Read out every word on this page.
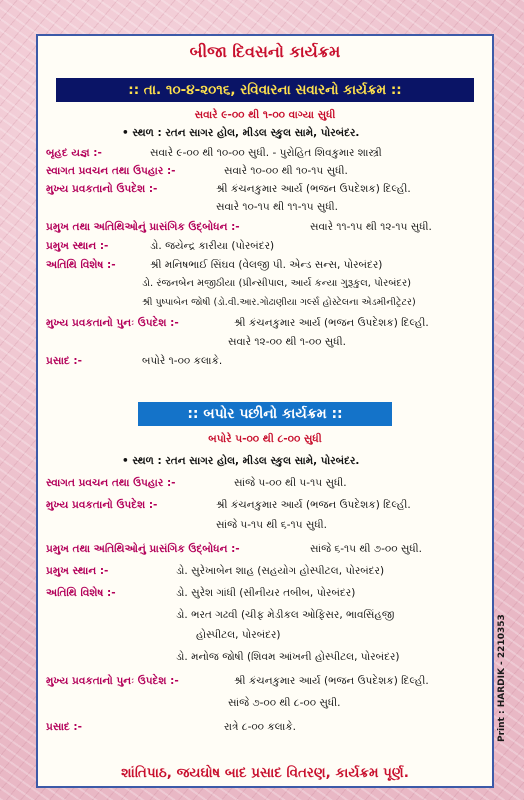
બીજા દિવસનો કાર્યક્રમ
:: તા. ૧૦-૪-૨૦૧૬, રવિવારના સવારનો કાર્યક્રમ ::
સવારે ૯-૦૦ થી ૧-૦૦ વાગ્યા સુધી
• સ્થળ : રતન સાગર હોલ, મીડલ સ્કુલ સામે, પોરબંદર.
બૃહદ યજ્ઞ :-	સવારે ૯-૦૦ થી ૧૦-૦૦ સુધી. - પુરોહિત શિવકુમાર શાસ્ત્રી
સ્વાગત પ્રવચન તથા ઉપહાર :-	સવારે ૧૦-૦૦ થી ૧૦-૧૫ સુધી.
મુખ્ય પ્રવકતાનો ઉપદેશ :-	શ્રી કંચનકુમાર આર્ય (ભજન ઉપદેશક) દિલ્હી.
સવારે ૧૦-૧૫ થી ૧૧-૧૫ સુધી.
પ્રમુખ તથા અતિથિઓનું પ્રાસંગિક ઉદ્બોધન :-	સવારે ૧૧-૧૫ થી ૧૨-૧૫ સુધી.
પ્રમુખ સ્થાન :-	ડો. જયેન્દ્ર કારીયા (પોરબંદર)
અતિથિ વિશેષ :-	શ્રી મનિષભાઈ સિંઘવ (વેલજી પી. એન્ડ સન્સ, પોરબંદર)
ડો. રંજનબેન મજીઠીયા (પ્રીન્સીપાલ, આર્ય કન્યા ગુરૂકુલ, પોરબંદર)
શ્રી પુષ્પાબેન જોષી (ડો.વી.આર.ગોઢાણીયા ગર્લ્સ હોસ્ટેલના એડમીનીટ્રેટર)
મુખ્ય પ્રવકતાનો પુનઃ ઉપદેશ :-	શ્રી કંચનકુમાર આર્ય (ભજન ઉપદેશક) દિલ્હી.
સવારે ૧૨-૦૦ થી ૧-૦૦ સુધી.
પ્રસાદ :-	બપોરે ૧-૦૦ કલાકે.
:: બપોર પછીનો કાર્યક્રમ ::
બપોરે ૫-૦૦ થી ૮-૦૦ સુધી
• સ્થળ : રતન સાગર હોલ, મીડલ સ્કુલ સામે, પોરબંદર.
સ્વાગત પ્રવચન તથા ઉપહાર :-	સાંજે ૫-૦૦ થી ૫-૧૫ સુધી.
મુખ્ય પ્રવકતાનો ઉપદેશ :-	શ્રી કંચનકુમાર આર્ય (ભજન ઉપદેશક) દિલ્હી.
સાંજે ૫-૧૫ થી ૬-૧૫ સુધી.
પ્રમુખ તથા અતિથિઓનું પ્રાસંગિક ઉદ્બોધન :-	સાંજે ૬-૧૫ થી ૭-૦૦ સુધી.
પ્રમુખ સ્થાન :-	ડો. સુરેખાબેન શાહ (સહયોગ હોસ્પીટલ, પોરબંદર)
અતિથિ વિશેષ :-	ડો. સુરેશ ગાંધી (સીનીયર તબીબ, પોરબંદર)
ડો. ભરત ગઢવી (ચીફ મેડીકલ ઓફિસર, ભાવસિંહજી
હોસ્પીટલ, પોરબંદર)
ડો. મનોજ જોષી (શિવમ આંખની હોસ્પીટલ, પોરબંદર)
મુખ્ય પ્રવકતાનો પુનઃ ઉપદેશ :-	શ્રી કંચનકુમાર આર્ય (ભજન ઉપદેશક) દિલ્હી.
સાંજે ૭-૦૦ થી ૮-૦૦ સુધી.
પ્રસાદ :-	રાત્રે ૮-૦૦ કલાકે.
શાંતિપાઠ, જયઘોષ બાદ પ્રસાદ વિતરણ, કાર્યક્રમ પૂર્ણ.
Print : HARDIK - 2210353
